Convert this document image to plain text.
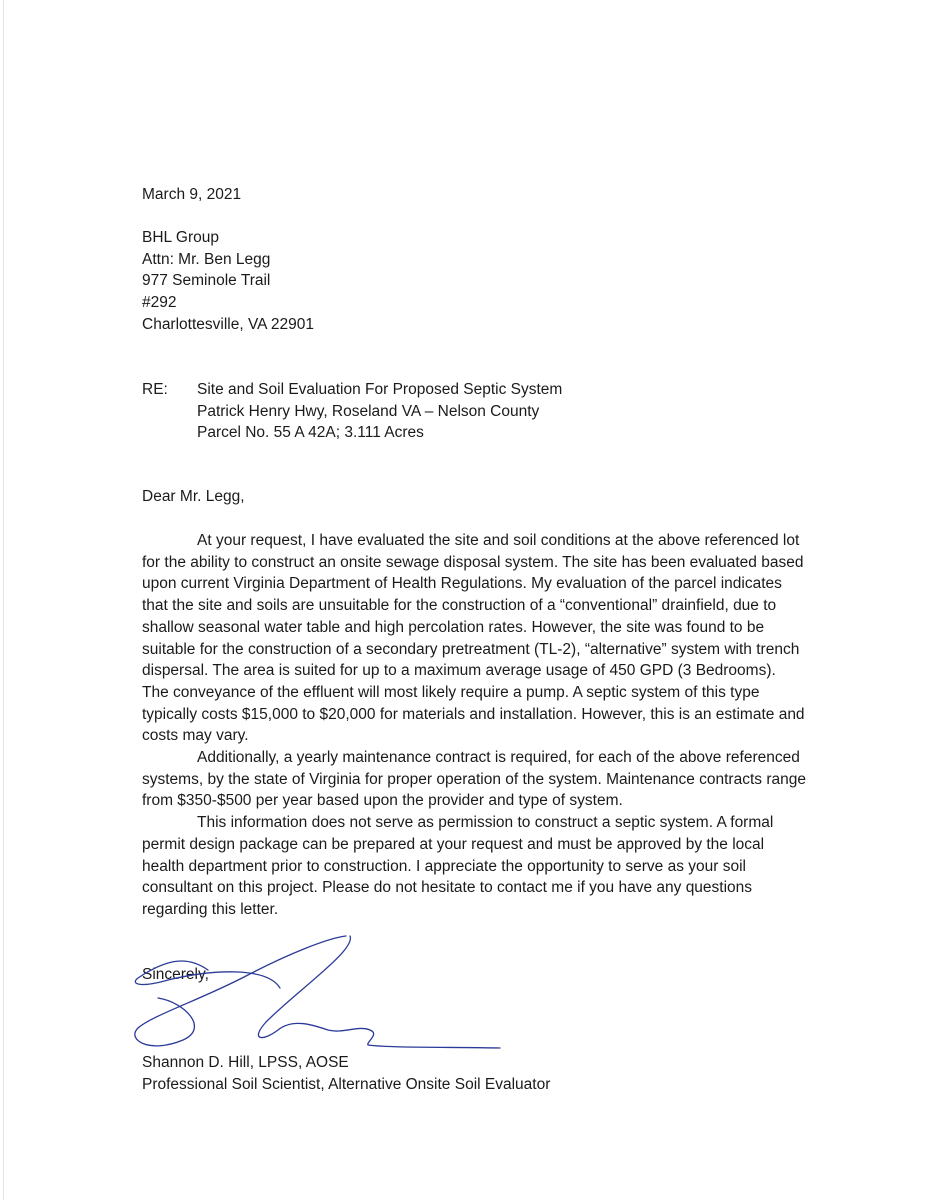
March 9, 2021
BHL Group
Attn: Mr. Ben Legg
977 Seminole Trail
#292
Charlottesville, VA 22901
RE: Site and Soil Evaluation For Proposed Septic System
Patrick Henry Hwy, Roseland VA – Nelson County
Parcel No. 55 A 42A; 3.111 Acres
Dear Mr. Legg,

At your request, I have evaluated the site and soil conditions at the above referenced lot for the ability to construct an onsite sewage disposal system. The site has been evaluated based upon current Virginia Department of Health Regulations. My evaluation of the parcel indicates that the site and soils are unsuitable for the construction of a “conventional” drainfield, due to shallow seasonal water table and high percolation rates. However, the site was found to be suitable for the construction of a secondary pretreatment (TL-2), “alternative” system with trench dispersal. The area is suited for up to a maximum average usage of 450 GPD (3 Bedrooms). The conveyance of the effluent will most likely require a pump. A septic system of this type typically costs $15,000 to $20,000 for materials and installation. However, this is an estimate and costs may vary.

Additionally, a yearly maintenance contract is required, for each of the above referenced systems, by the state of Virginia for proper operation of the system. Maintenance contracts range from $350-$500 per year based upon the provider and type of system.

This information does not serve as permission to construct a septic system. A formal permit design package can be prepared at your request and must be approved by the local health department prior to construction. I appreciate the opportunity to serve as your soil consultant on this project. Please do not hesitate to contact me if you have any questions regarding this letter.

Sincerely,
Shannon D. Hill, LPSS, AOSE
Professional Soil Scientist, Alternative Onsite Soil Evaluator
